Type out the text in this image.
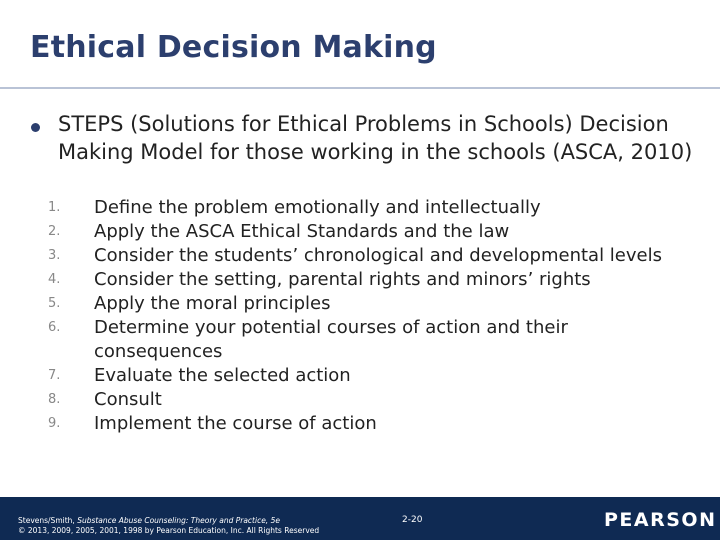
Ethical Decision Making
STEPS (Solutions for Ethical Problems in Schools) Decision Making Model for those working in the schools (ASCA, 2010)
1.	Define the problem emotionally and intellectually
2.	Apply the ASCA Ethical Standards and the law
3.	Consider the students’ chronological and developmental levels
4.	Consider the setting, parental rights and minors’ rights
5.	Apply the moral principles
6.	Determine your potential courses of action and their consequences
7.	Evaluate the selected action
8.	Consult
9.	Implement the course of action
Stevens/Smith, Substance Abuse Counseling: Theory and Practice, 5e
© 2013, 2009, 2005, 2001, 1998 by Pearson Education, Inc. All Rights Reserved
2-20	PEARSON
